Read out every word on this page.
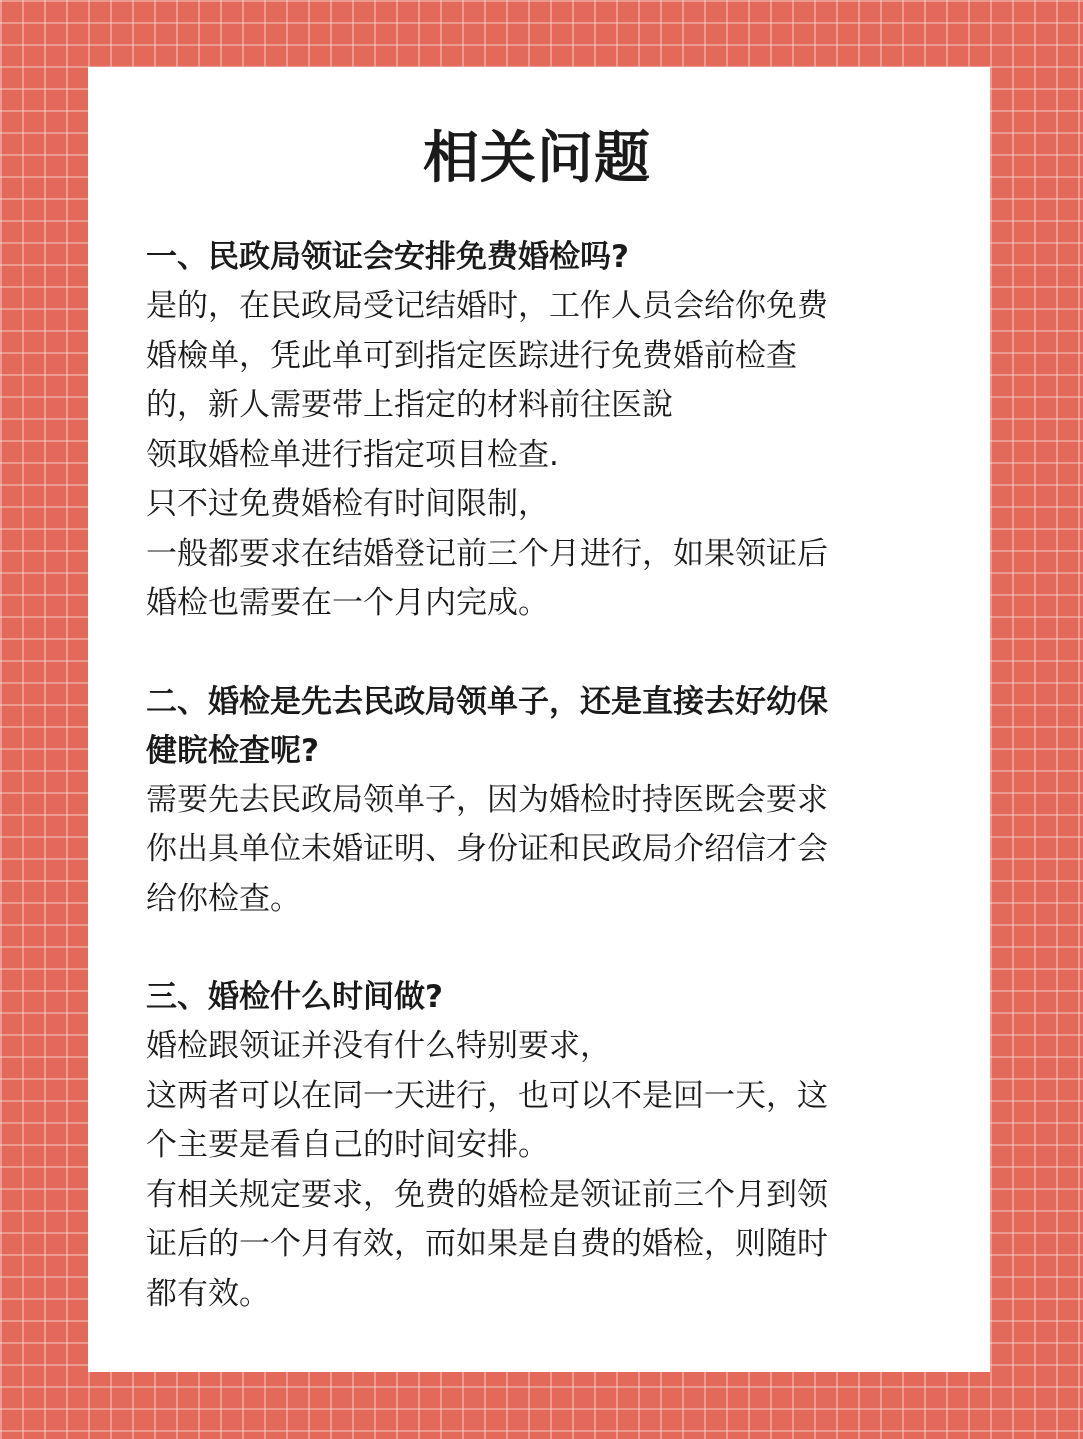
相关问题
一、民政局领证会安排免费婚检吗?
是的，在民政局受记结婚时，工作人员会给你免费
婚檢单，凭此单可到指定医踪进行免费婚前检查
的，新人需要带上指定的材料前往医說
领取婚检单进行指定项目检查.
只不过免费婚检有时间限制，
一般都要求在结婚登记前三个月进行，如果领证后
婚检也需要在一个月内完成。
二、婚检是先去民政局领单子，还是直接去好幼保
健睆检查呢?
需要先去民政局领单子，因为婚检时持医既会要求
你出具单位未婚证明、身份证和民政局介绍信才会
给你检查。
三、婚检什么时间做?
婚检跟领证并没有什么特别要求，
这两者可以在同一天进行，也可以不是回一天，这
个主要是看自己的时间安排。
有相关规定要求，免费的婚检是领证前三个月到领
证后的一个月有效，而如果是自费的婚检，则随时
都有效。
